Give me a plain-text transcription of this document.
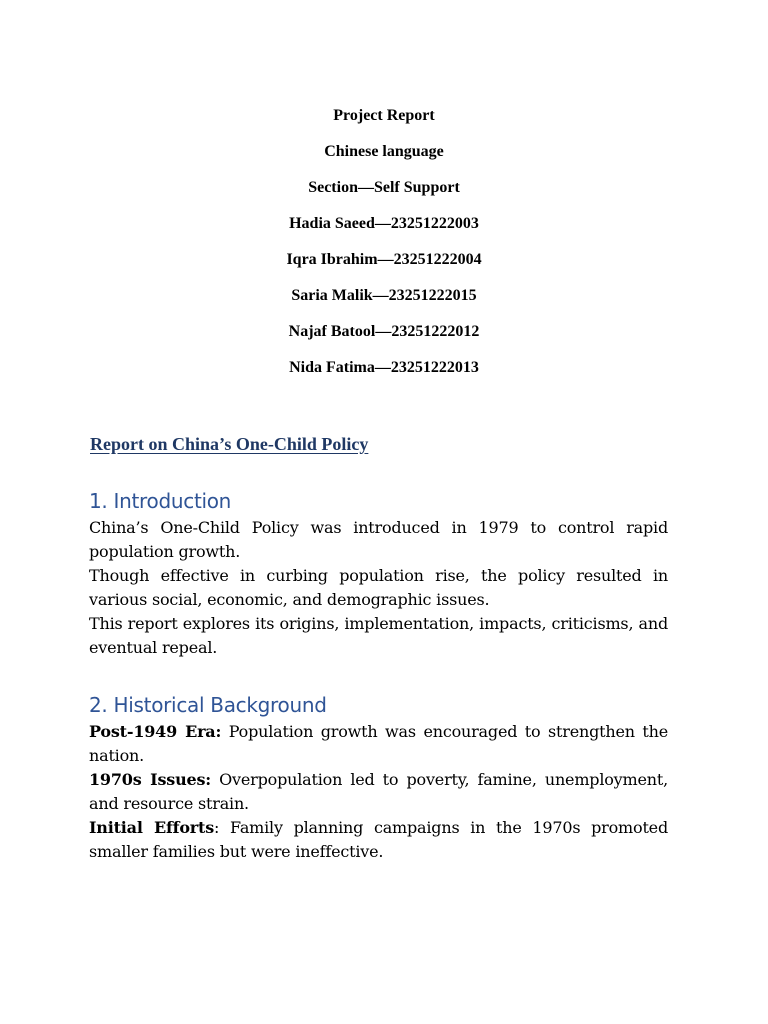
Project Report
Chinese language
Section—Self Support
Hadia Saeed—23251222003
Iqra Ibrahim—23251222004
Saria Malik—23251222015
Najaf Batool—23251222012
Nida Fatima—23251222013
Report on China’s One-Child Policy
1. Introduction

China’s One-Child Policy was introduced in 1979 to control rapid population growth.

Though effective in curbing population rise, the policy resulted in various social, economic, and demographic issues.

This report explores its origins, implementation, impacts, criticisms, and eventual repeal.

2. Historical Background

Post-1949 Era: Population growth was encouraged to strengthen the nation.

1970s Issues: Overpopulation led to poverty, famine, unemployment, and resource strain.

Initial Efforts: Family planning campaigns in the 1970s promoted smaller families but were ineffective.
